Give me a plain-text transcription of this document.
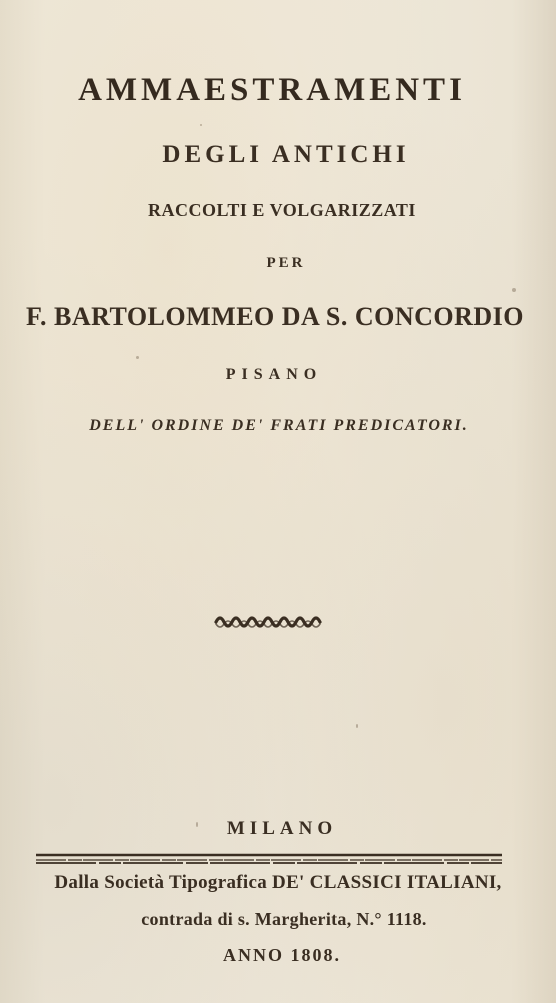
AMMAESTRAMENTI
DEGLI ANTICHI
RACCOLTI E VOLGARIZZATI
PER
F. BARTOLOMMEO DA S. CONCORDIO
PISANO
DELL' ORDINE DE' FRATI PREDICATORI.
MILANO
Dalla Società Tipografica DE' CLASSICI ITALIANI,
contrada di s. Margherita, N.° 1118.
ANNO 1808.
